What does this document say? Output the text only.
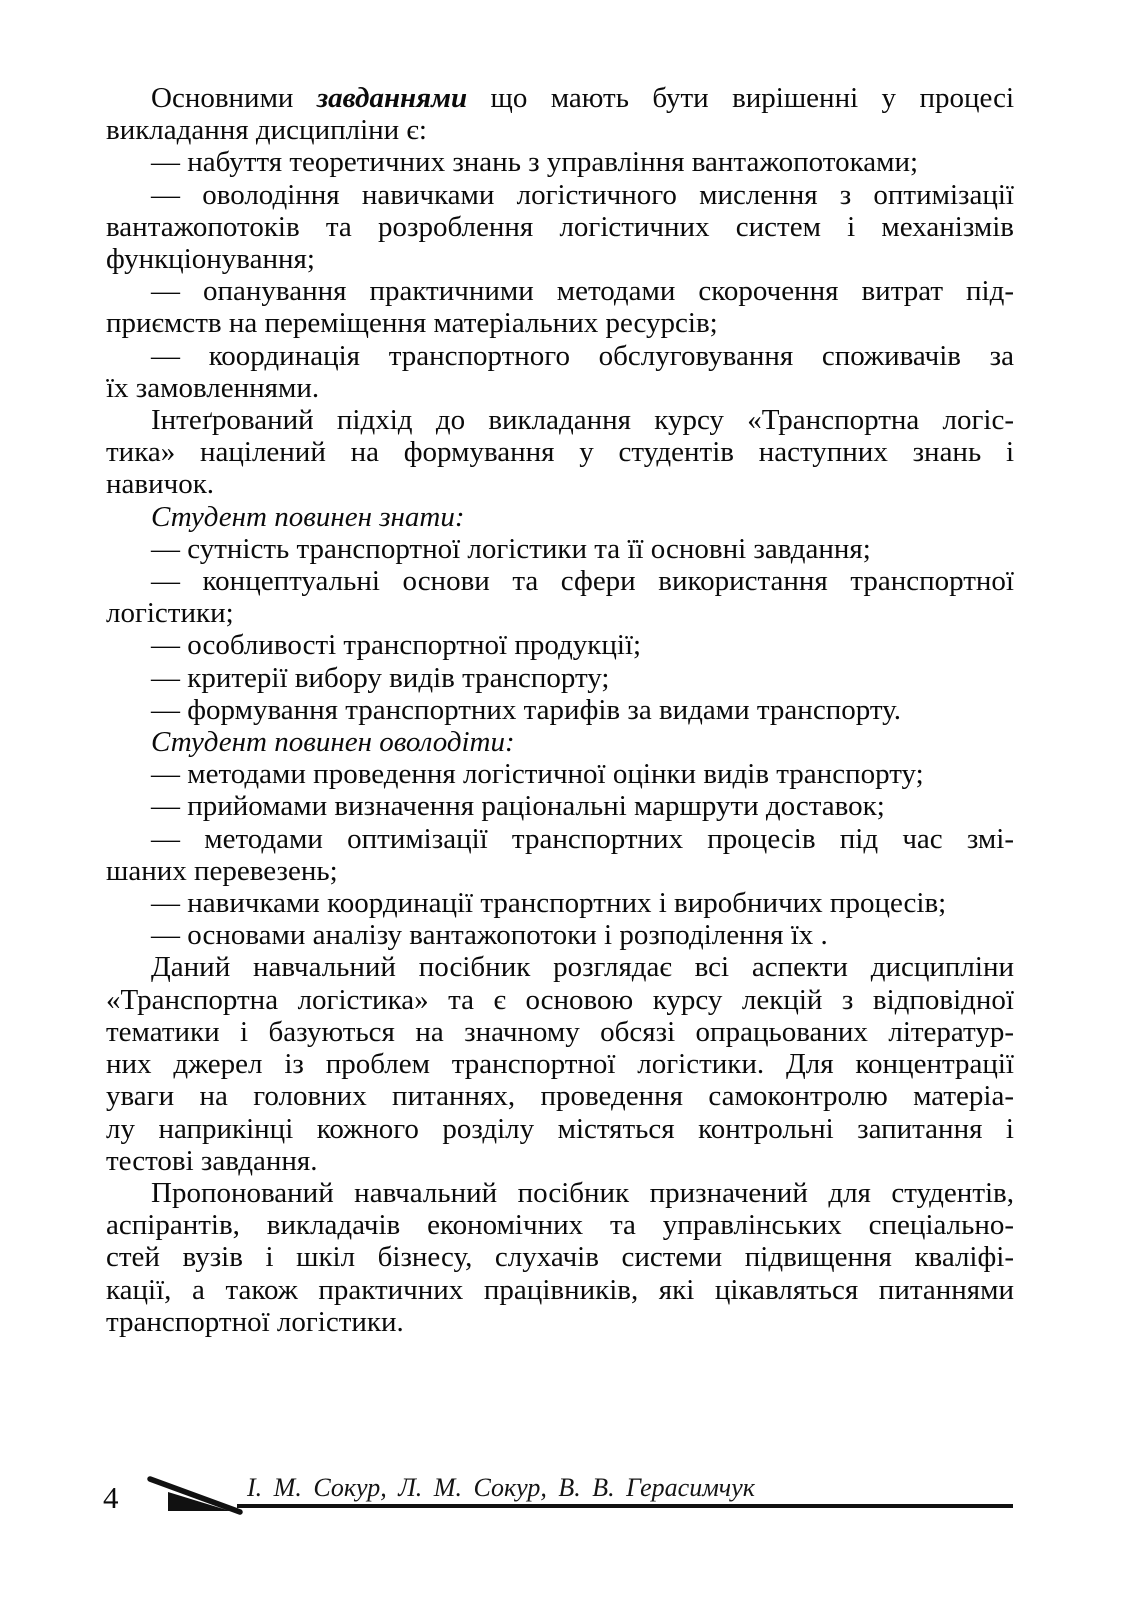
Основними завданнями що мають бути вирішенні у процесі
викладання дисципліни є:
— набуття теоретичних знань з управління вантажопотоками;
— оволодіння навичками логістичного мислення з оптимізації
вантажопотоків та розроблення логістичних систем і механізмів
функціонування;
— опанування практичними методами скорочення витрат під-
приємств на переміщення матеріальних ресурсів;
— координація транспортного обслуговування споживачів за
їх замовленнями.
Інтеґрований підхід до викладання курсу «Транспортна логіс-
тика» націлений на формування у студентів наступних знань і
навичок.
Студент повинен знати:
— сутність транспортної логістики та її основні завдання;
— концептуальні основи та сфери використання транспортної
логістики;
— особливості транспортної продукції;
— критерії вибору видів транспорту;
— формування транспортних тарифів за видами транспорту.
Студент повинен оволодіти:
— методами проведення логістичної оцінки видів транспорту;
— прийомами визначення раціональні маршрути доставок;
— методами оптимізації транспортних процесів під час змі-
шаних перевезень;
— навичками координації транспортних і виробничих процесів;
— основами аналізу вантажопотоки і розподілення їх .
Даний навчальний посібник розглядає всі аспекти дисципліни
«Транспортна логістика» та є основою курсу лекцій з відповідної
тематики і базуються на значному обсязі опрацьованих літератур-
них джерел із проблем транспортної логістики. Для концентрації
уваги на головних питаннях, проведення самоконтролю матеріа-
лу наприкінці кожного розділу містяться контрольні запитання і
тестові завдання.
Пропонований навчальний посібник призначений для студентів,
аспірантів, викладачів економічних та управлінських спеціально-
стей вузів і шкіл бізнесу, слухачів системи підвищення кваліфі-
кації, а також практичних працівників, які цікавляться питаннями
транспортної логістики.
4	І. М. Сокур, Л. М. Сокур, В. В. Герасимчук
